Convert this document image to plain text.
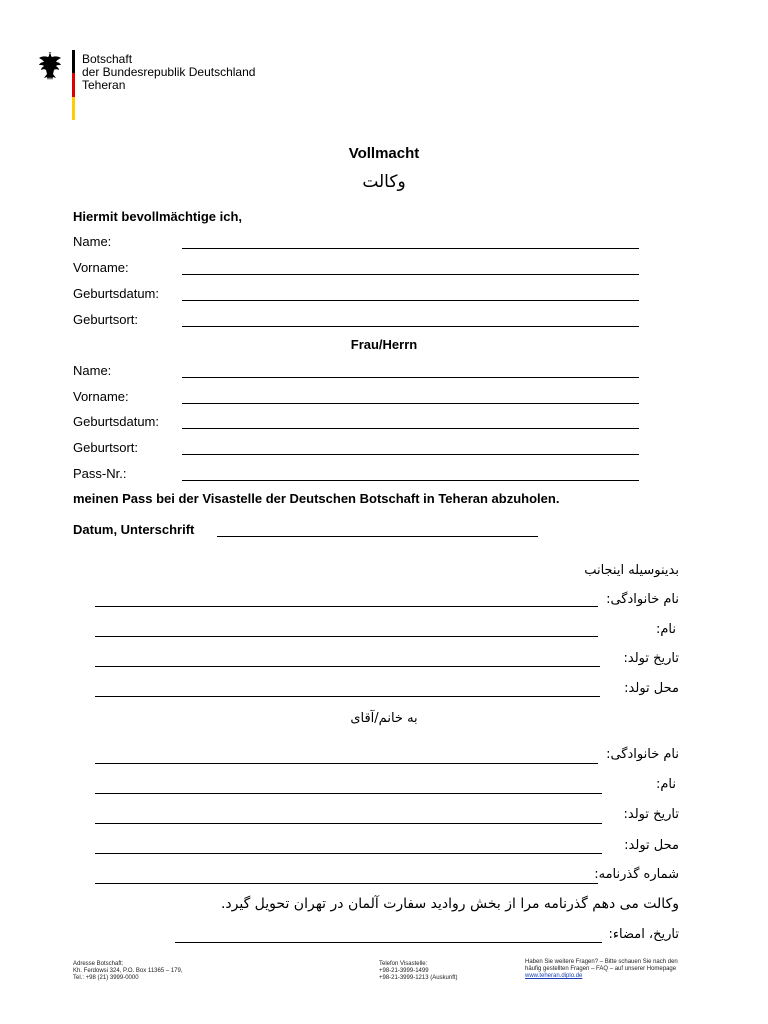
Botschaft
der Bundesrepublik Deutschland
Teheran
Vollmacht
وکالت
Hiermit bevollmächtige ich,
Name:
Vorname:
Geburtsdatum:
Geburtsort:
Frau/Herrn
Name:
Vorname:
Geburtsdatum:
Geburtsort:
Pass-Nr.:
meinen Pass bei der Visastelle der Deutschen Botschaft in Teheran abzuholen.
Datum, Unterschrift
بدینوسیله اینجانب
نام خانوادگی:
نام:
تاریخ تولد:
محل تولد:
به خانم/آقای
نام خانوادگی:
نام:
تاریخ تولد:
محل تولد:
شماره گذرنامه:
وکالت می دهم گذرنامه مرا از بخش روادید سفارت آلمان در تهران تحویل گیرد.
تاریخ، امضاء:
Adresse Botschaft:
Kh. Ferdowsi 324, P.O. Box 11365 – 179,
Tel.: +98 (21) 3999-0000
Telefon Visastelle:
+98-21-3999-1499
+98-21-3999-1213 (Auskunft)
Haben Sie weitere Fragen? – Bitte schauen Sie nach den
häufig gestellten Fragen – FAQ – auf unserer Homepage
www.teheran.diplo.de
